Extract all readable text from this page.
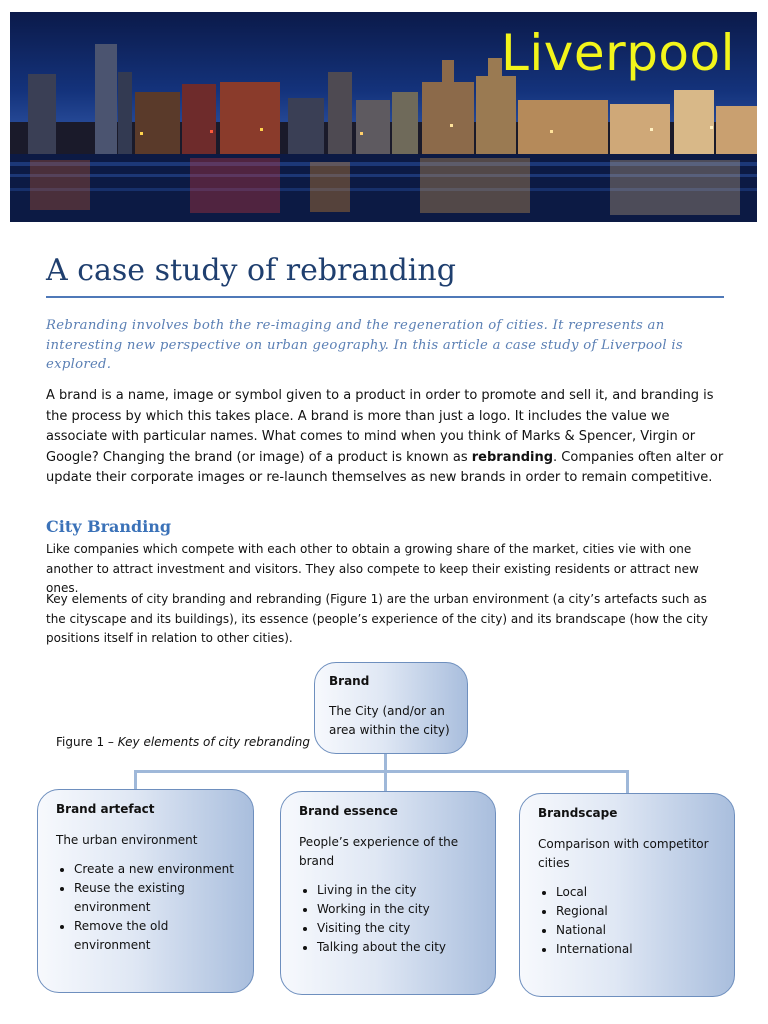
Liverpool
A case study of rebranding
Rebranding involves both the re-imaging and the regeneration of cities. It represents an interesting new perspective on urban geography. In this article a case study of Liverpool is explored.
A brand is a name, image or symbol given to a product in order to promote and sell it, and branding is the process by which this takes place. A brand is more than just a logo. It includes the value we associate with particular names. What comes to mind when you think of Marks & Spencer, Virgin or Google? Changing the brand (or image) of a product is known as rebranding. Companies often alter or update their corporate images or re-launch themselves as new brands in order to remain competitive.
City Branding
Like companies which compete with each other to obtain a growing share of the market, cities vie with one another to attract investment and visitors. They also compete to keep their existing residents or attract new ones.
Key elements of city branding and rebranding (Figure 1) are the urban environment (a city’s artefacts such as the cityscape and its buildings), its essence (people’s experience of the city) and its brandscape (how the city positions itself in relation to other cities).
Brand
The City (and/or an area within the city)
Figure 1 – Key elements of city rebranding
Brand artefact
The urban environment
• Create a new environment
• Reuse the existing environment
• Remove the old environment
Brand essence
People’s experience of the brand
• Living in the city
• Working in the city
• Visiting the city
• Talking about the city
Brandscape
Comparison with competitor cities
• Local
• Regional
• National
• International
